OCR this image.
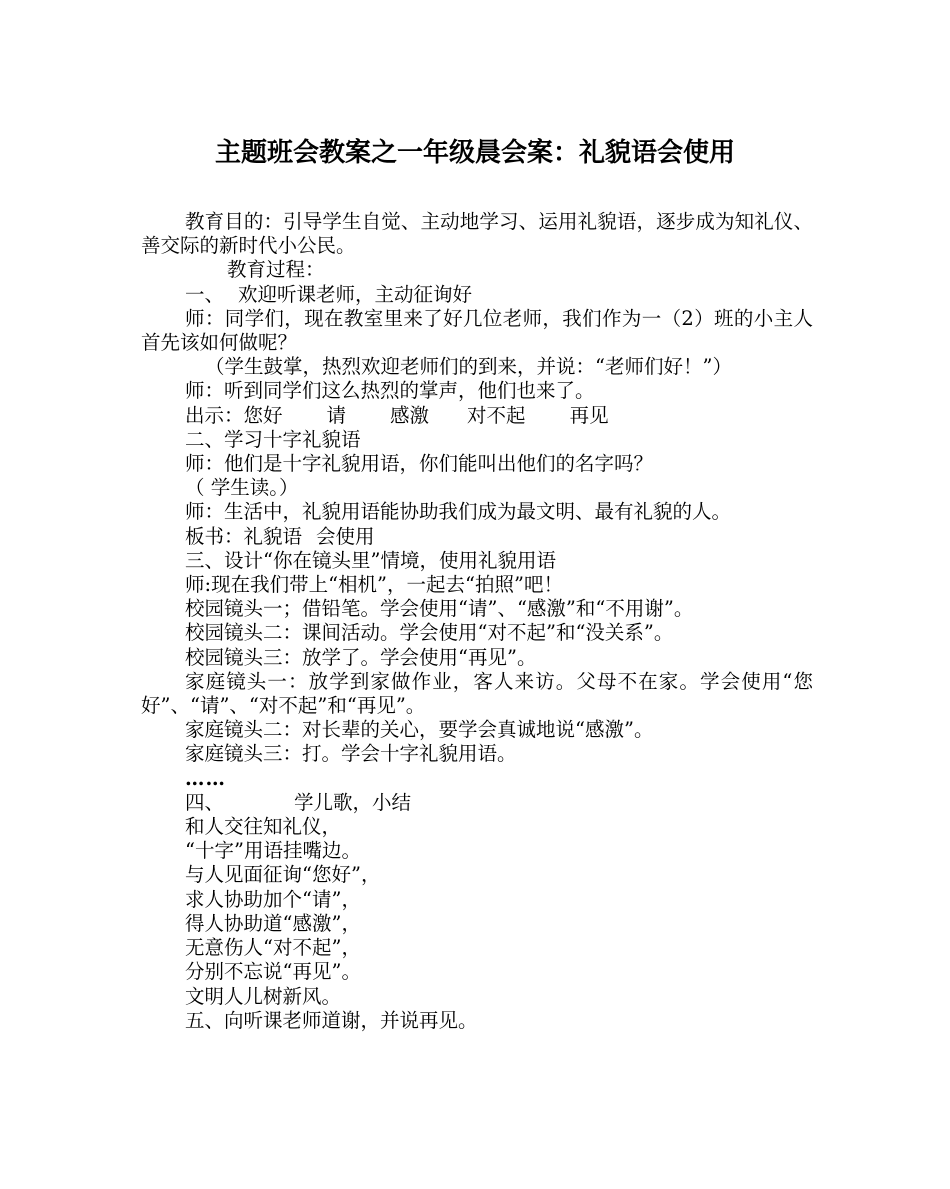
主题班会教案之一年级晨会案：礼貌语会使用

教育目的：引导学生自觉、主动地学习、运用礼貌语，逐步成为知礼仪、善交际的新时代小公民。

教育过程：

一、 欢迎听课老师，主动征询好

师：同学们，现在教室里来了好几位老师，我们作为一（2）班的小主人首先该如何做呢？

（学生鼓掌，热烈欢迎老师们的到来，并说：“老师们好！”）

师：听到同学们这么热烈的掌声，他们也来了。

出示：您好 请 感激 对不起 再见

二、学习十字礼貌语

师：他们是十字礼貌用语，你们能叫出他们的名字吗？

（ 学生读。）

师：生活中，礼貌用语能协助我们成为最文明、最有礼貌的人。

板书：礼貌语 会使用

三、设计“你在镜头里”情境，使用礼貌用语

师:现在我们带上“相机”，一起去“拍照”吧！

校园镜头一；借铅笔。学会使用“请”、“感激”和“不用谢”。

校园镜头二：课间活动。学会使用“对不起”和“没关系”。

校园镜头三：放学了。学会使用“再见”。

家庭镜头一：放学到家做作业，客人来访。父母不在家。学会使用“您好”、“请”、“对不起”和“再见”。

家庭镜头二：对长辈的关心，要学会真诚地说“感激”。

家庭镜头三：打。学会十字礼貌用语。

……

四、	学儿歌，小结

和人交往知礼仪，

“十字”用语挂嘴边。

与人见面征询“您好”，

求人协助加个“请”，

得人协助道“感激”，

无意伤人“对不起”，

分别不忘说“再见”。

文明人儿树新风。

五、向听课老师道谢，并说再见。
